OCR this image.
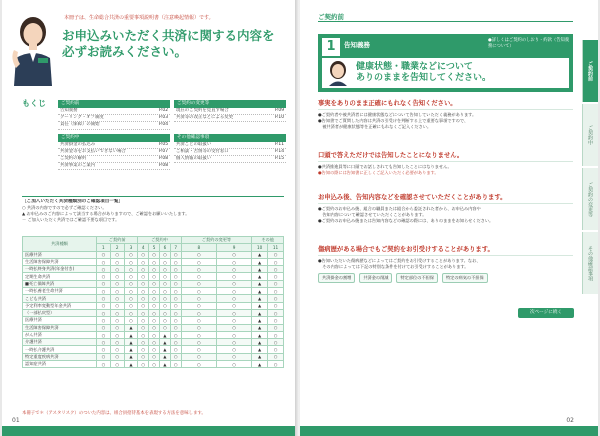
本冊子は、生命総合共済の重要事項説明書（注意喚起情報）です。
お申込みいただく共済に関する内容を
必ずお読みください。
もくじ	ご契約前
告知義務	P.02
クーリング・オフ制度	P.03
責任（保障）の開始	P.04
ご契約の変更等
現在のご契約を見直す場合	P.09
共済等の改正などによる変更	P.10
ご契約中
共済掛金の払込み	P.05
共済金等をお支払いできない場合	P.07
ご契約の解約	P.08
共済事業のご案内	P.08
その他確認事項
共済ごとの取扱い	P.11
ご相談・苦情等の受付窓口	P.14
個人情報の取扱い	P.15
［ご加入いただく共済種類別のご確認項目一覧］
○ 共済の内容ですので必ずご確認ください。
▲ お申込みのご内容によって該当する場合がありますので、ご確認をお願いいたします。
－ ご加入いただく共済ではご確認不要な項目です。
共済種類	ご契約前			ご契約中				ご契約の変更等		その他	
	1	2	3	4	5	6	7	8	9	10	11
医療共済	○	○	○	○	○	○	○	○	○	▲	○
生活障害保障共済	○	○	○	○	○	○	○	○	○	▲	○
一時払終身共済(年金付き)	○	○	○	○	○	○	○	○	○	▲	○
定期生命共済	○	○	○	○	○	○	○	○	○	▲	○
■死亡保障共済	○	○	○	○	○	○	○	○	○	▲	○
一時払養老生命共済	○	○	○	○	○	○	○	○	○	▲	○
こども共済	○	○	○	○	○	○	○	○	○	▲	○
予定利率変動型年金共済	○	○	○	○	○	○	○	○	○	▲	○
（一部払戻型）	○	○	○	○	○	○	○	○	○	▲	○
医療共済	○	○	○	○	○	○	○	○	○	▲	○
生活障害保障共済	○	○	▲	○	○	○	○	○	○	▲	○
がん共済	○	○	▲	○	○	▲	○	○	○	▲	○
介護共済	○	○	▲	○	○	▲	○	○	○	▲	○
一時払介護共済	○	○	▲	○	○	▲	○	○	○	▲	○
特定重度疾病共済	○	○	▲	○	○	▲	○	○	○	▲	○
認知症共済	○	○	▲	○	○	▲	○	○	○	▲	○
本冊子で＊（アスタリスク）のついた内容は、組合員招待基本を表現する方法を意味します。
01
ご契約前
1	告知義務
●詳しくはご契約のしおり・約款（告知義務について）
健康状態・職業などについて
ありのままを告知してください。
事実をありのまま正確にもれなく告知ください。
●ご契約者や被共済者には健康状態などについて告知していただく義務があります。
●告知書でご質問した内容は共済の引受けを判断する上で重要な事項ですので、
　被共済者が健康状態等を正確にもれなくご記入ください。
口頭で答えただけでは告知したことになりません。
●共済推進員等に口頭でお話しされても告知したことにはなりません。
●告知の際には告知書に正しくご記入いただく必要があります。
お申込み後、告知内容などを確認させていただくことがあります。
●ご契約のお申込み後、組合の職員または組合から委託された者から、お申込み内容や
　告知内容について確認させていただくことがあります。
●ご契約のお申込み後または告知内容などの確認の際には、ありのままをお知らせください。
傷病歴がある場合でもご契約をお引受けすることがあります。
●告知いただいた傷病歴などによってはご契約をお引受けすることがあります。なお、
　その内容によっては下記の特別な条件を付けてお引受けすることがあります。
共済掛金の割増	共済金の削減	特定部位の不担保	特定の病気の不担保
次ページに続く
ご契約前
ご契約中
ご契約の変更等
その他確認事項
02
